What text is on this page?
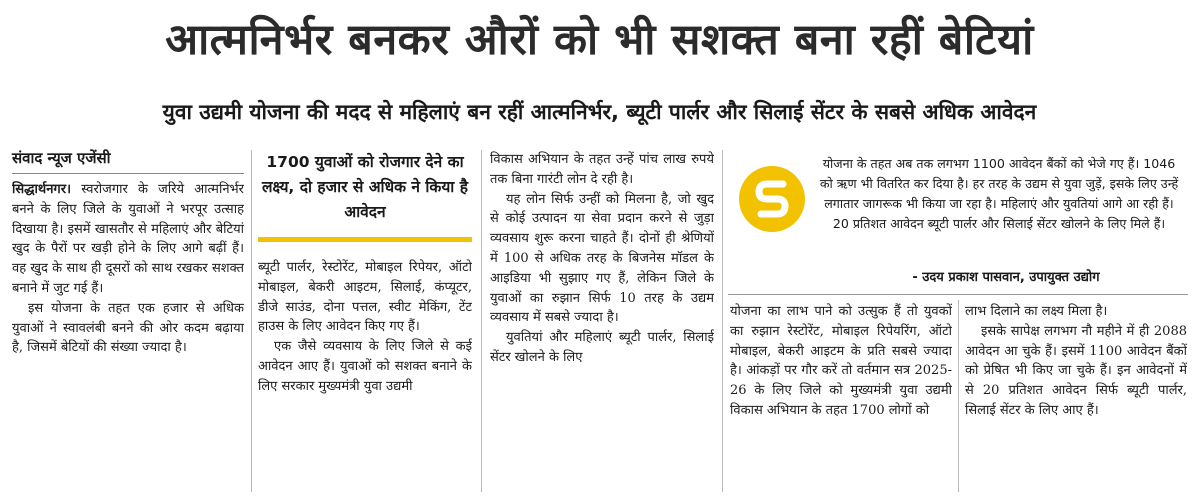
आत्मनिर्भर बनकर औरों को भी सशक्त बना रहीं बेटियां
युवा उद्यमी योजना की मदद से महिलाएं बन रहीं आत्मनिर्भर, ब्यूटी पार्लर और सिलाई सेंटर के सबसे अधिक आवेदन
संवाद न्यूज एजेंसी

सिद्धार्थनगर। स्वरोजगार के जरिये आत्मनिर्भर बनने के लिए जिले के युवाओं ने भरपूर उत्साह दिखाया है। इसमें खासतौर से महिलाएं और बेटियां खुद के पैरों पर खड़ी होने के लिए आगे बढ़ीं हैं। वह खुद के साथ ही दूसरों को साथ रखकर सशक्त बनाने में जुट गई हैं।

इस योजना के तहत एक हजार से अधिक युवाओं ने स्वावलंबी बनने की ओर कदम बढ़ाया है, जिसमें बेटियों की संख्या ज्यादा है।

1700 युवाओं को रोजगार देने का लक्ष्य, दो हजार से अधिक ने किया है आवेदन

ब्यूटी पार्लर, रेस्टोरेंट, मोबाइल रिपेयर, ऑटो मोबाइल, बेकरी आइटम, सिलाई, कंप्यूटर, डीजे साउंड, दोना पत्तल, स्वीट मेकिंग, टेंट हाउस के लिए आवेदन किए गए हैं।

एक जैसे व्यवसाय के लिए जिले से कई आवेदन आए हैं। युवाओं को सशक्त बनाने के लिए सरकार मुख्यमंत्री युवा उद्यमी

विकास अभियान के तहत उन्हें पांच लाख रुपये तक बिना गारंटी लोन दे रही है।

यह लोन सिर्फ उन्हीं को मिलना है, जो खुद से कोई उत्पादन या सेवा प्रदान करने से जुड़ा व्यवसाय शुरू करना चाहते हैं। दोनों ही श्रेणियों में 100 से अधिक तरह के बिजनेस मॉडल के आइडिया भी सुझाए गए हैं, लेकिन जिले के युवाओं का रुझान सिर्फ 10 तरह के उद्यम व्यवसाय में सबसे ज्यादा है।

युवतियां और महिलाएं ब्यूटी पार्लर, सिलाई सेंटर खोलने के लिए

योजना के तहत अब तक लगभग 1100 आवेदन बैंकों को भेजे गए हैं। 1046 को ऋण भी वितरित कर दिया है। हर तरह के उद्यम से युवा जुड़ें, इसके लिए उन्हें लगातार जागरूक भी किया जा रहा है। महिलाएं और युवतियां आगे आ रही हैं। 20 प्रतिशत आवेदन ब्यूटी पार्लर और सिलाई सेंटर खोलने के लिए मिले हैं।
- उदय प्रकाश पासवान, उपायुक्त उद्योग

योजना का लाभ पाने को उत्सुक हैं तो युवकों का रुझान रेस्टोरेंट, मोबाइल रिपेयरिंग, ऑटो मोबाइल, बेकरी आइटम के प्रति सबसे ज्यादा है। आंकड़ों पर गौर करें तो वर्तमान सत्र 2025-26 के लिए जिले को मुख्यमंत्री युवा उद्यमी विकास अभियान के तहत 1700 लोगों को

लाभ दिलाने का लक्ष्य मिला है।

इसके सापेक्ष लगभग नौ महीने में ही 2088 आवेदन आ चुके हैं। इसमें 1100 आवेदन बैंकों को प्रेषित भी किए जा चुके हैं। इन आवेदनों में से 20 प्रतिशत आवेदन सिर्फ ब्यूटी पार्लर, सिलाई सेंटर के लिए आए हैं।
